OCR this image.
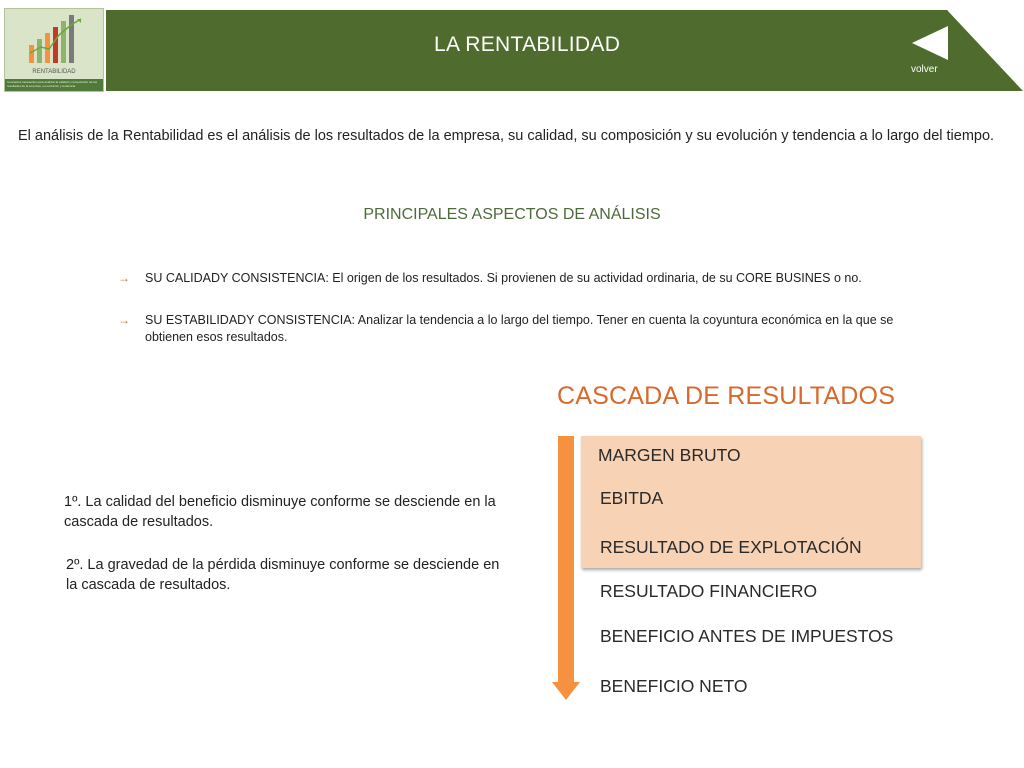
RENTABILIDAD
Conceptos necesarios para analizar la calidad y composición de los resultados de la empresa, su evolución y tendencia
LA RENTABILIDAD
volver
El análisis de la Rentabilidad es el análisis de los resultados de la empresa, su calidad, su composición y su evolución y tendencia a lo largo del tiempo.
PRINCIPALES ASPECTOS DE ANÁLISIS
→ SU CALIDADY CONSISTENCIA: El origen de los resultados. Si provienen de su actividad ordinaria, de su CORE BUSINES o no.
→ SU ESTABILIDADY CONSISTENCIA: Analizar la tendencia a lo largo del tiempo. Tener en cuenta la coyuntura económica en la que se obtienen esos resultados.
CASCADA DE RESULTADOS
MARGEN BRUTO
EBITDA
RESULTADO DE EXPLOTACIÓN
RESULTADO FINANCIERO
BENEFICIO ANTES DE IMPUESTOS
BENEFICIO NETO
1º. La calidad del beneficio disminuye conforme se desciende en la cascada de resultados.
2º. La gravedad de la pérdida disminuye conforme se desciende en la cascada de resultados.
